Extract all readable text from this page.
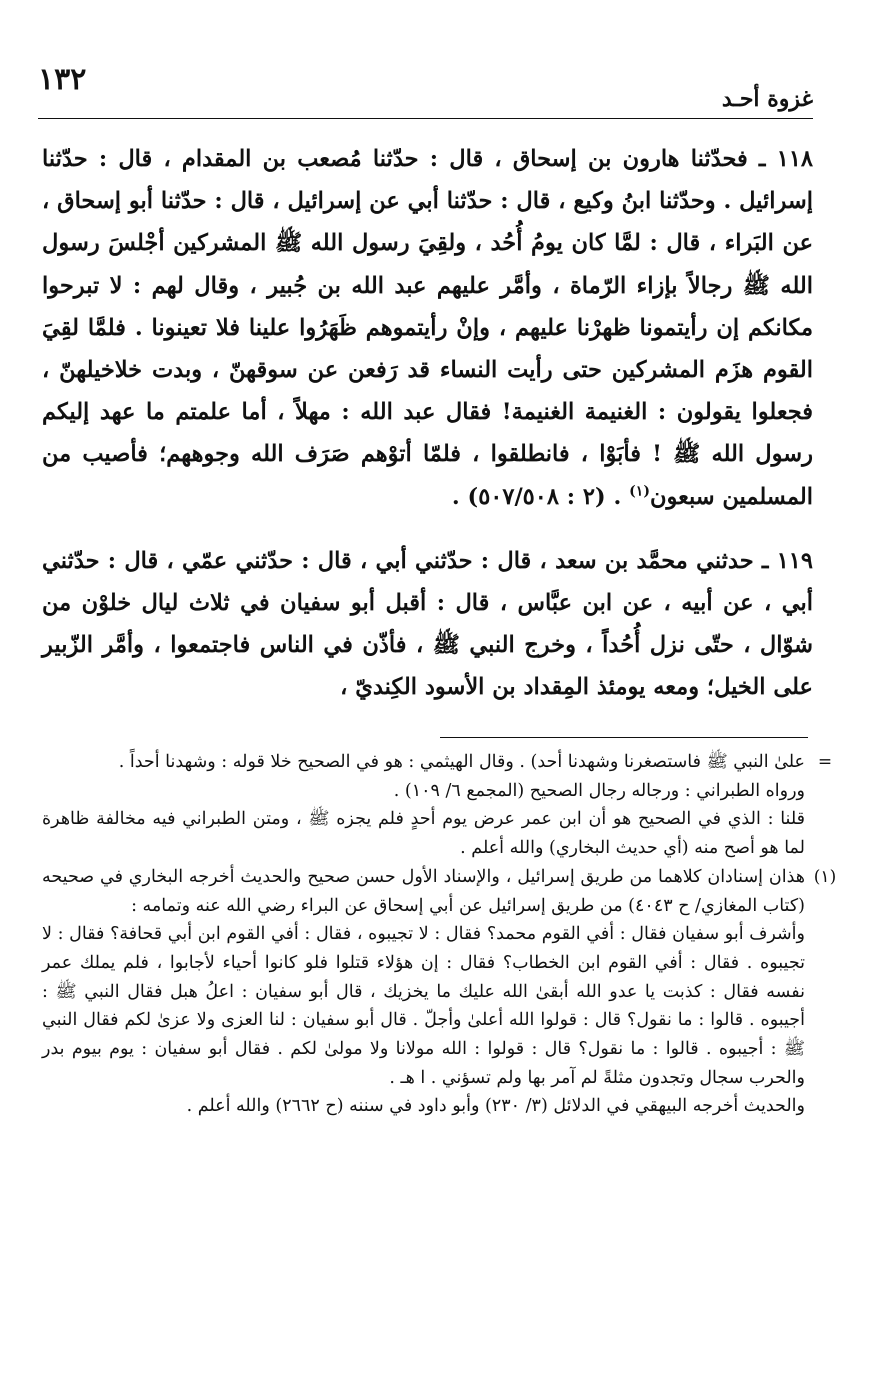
١٣٢
غزوة أحـد

١١٨ ـ فحدّثنا هارون بن إسحاق ، قال : حدّثنا مُصعب بن المقدام ، قال : حدّثنا إسرائيل . وحدّثنا ابنُ وكيع ، قال : حدّثنا أبي عن إسرائيل ، قال : حدّثنا أبو إسحاق ، عن البَراء ، قال : لمَّا كان يومُ أُحُد ، ولقِيَ رسول الله ﷺ المشركين أجْلسَ رسول الله ﷺ رجالاً بإزاء الرّماة ، وأمَّر عليهم عبد الله بن جُبير ، وقال لهم : لا تبرحوا مكانكم إن رأيتمونا ظهرْنا عليهم ، وإنْ رأيتموهم ظَهَرُوا علينا فلا تعينونا . فلمَّا لقِيَ القوم هزَم المشركين حتى رأيت النساء قد رَفعن عن سوقهنّ ، وبدت خلاخيلهنّ ، فجعلوا يقولون : الغنيمة الغنيمة! فقال عبد الله : مهلاً ، أما علمتم ما عهد إليكم رسول الله ﷺ ! فأبَوْا ، فانطلقوا ، فلمّا أتوْهم صَرَف الله وجوههم؛ فأصيب من المسلمين سبعون$^{(١)}$ . (٢ : ٥٠٧/٥٠٨) .

١١٩ ـ حدثني محمَّد بن سعد ، قال : حدّثني أبي ، قال : حدّثني عمّي ، قال : حدّثني أبي ، عن أبيه ، عن ابن عبَّاس ، قال : أقبل أبو سفيان في ثلاث ليال خلوْن من شوّال ، حتّى نزل أُحُداً ، وخرج النبي ﷺ ، فأذّن في الناس فاجتمعوا ، وأمَّر الزّبير على الخيل؛ ومعه يومئذ المِقداد بن الأسود الكِنديّ ،

=

علىٰ النبي ﷺ فاستصغرنا وشهدنا أحد) . وقال الهيثمي : هو في الصحيح خلا قوله : وشهدنا أحداً .

ورواه الطبراني : ورجاله رجال الصحيح (المجمع ٦/ ١٠٩) .

قلنا : الذي في الصحيح هو أن ابن عمر عرض يوم أحدٍ فلم يجزه ﷺ ، ومتن الطبراني فيه مخالفة ظاهرة لما هو أصح منه (أي حديث البخاري) والله أعلم .

(١)

هذان إسنادان كلاهما من طريق إسرائيل ، والإسناد الأول حسن صحيح والحديث أخرجه البخاري في صحيحه (كتاب المغازي/ ح ٤٠٤٣) من طريق إسرائيل عن أبي إسحاق عن البراء رضي الله عنه وتمامه :

وأشرف أبو سفيان فقال : أفي القوم محمد؟ فقال : لا تجيبوه ، فقال : أفي القوم ابن أبي قحافة؟ فقال : لا تجيبوه . فقال : أفي القوم ابن الخطاب؟ فقال : إن هؤلاء قتلوا فلو كانوا أحياء لأجابوا ، فلم يملك عمر نفسه فقال : كذبت يا عدو الله أبقىٰ الله عليك ما يخزيك ، قال أبو سفيان : اعلُ هبل فقال النبي ﷺ : أجيبوه . قالوا : ما نقول؟ قال : قولوا الله أعلىٰ وأجلّ . قال أبو سفيان : لنا العزى ولا عزىٰ لكم فقال النبي ﷺ : أجيبوه . قالوا : ما نقول؟ قال : قولوا : الله مولانا ولا مولىٰ لكم . فقال أبو سفيان : يوم بيوم بدر والحرب سجال وتجدون مثلةً لم آمر بها ولم تسؤني . ا هـ .

والحديث أخرجه البيهقي في الدلائل (٣/ ٢٣٠) وأبو داود في سننه (ح ٢٦٦٢) والله أعلم .
